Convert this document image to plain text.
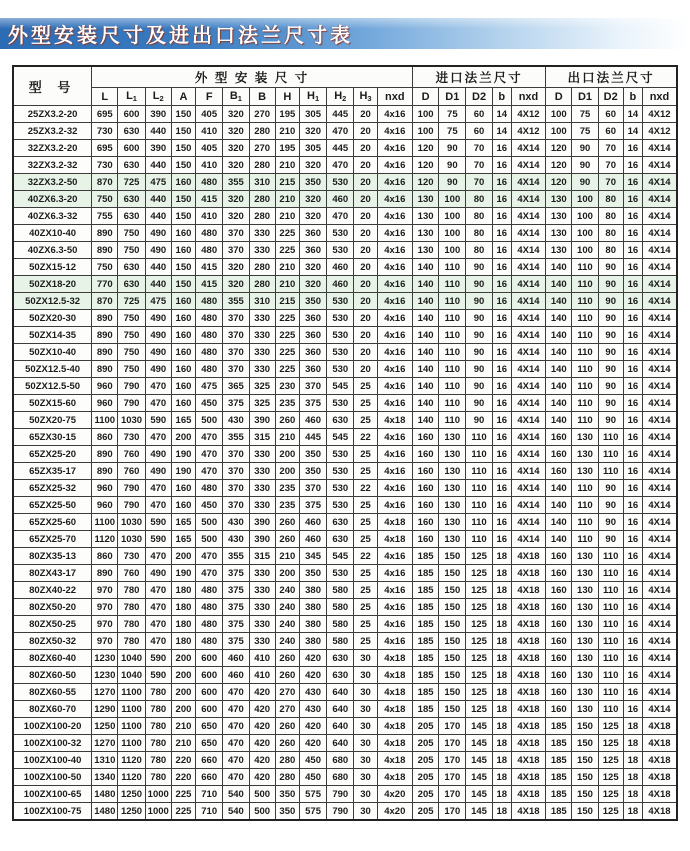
外型安装尺寸及进出口法兰尺寸表
型 号	外 型 安 装 尺 寸												进口法兰尺寸					出口法兰尺寸				
	L	$L_1$	$L_2$	A	F	$B_1$	B	H	$H_1$	$H_2$	$H_3$	nxd	D	D1	D2	b	nxd	D	D1	D2	b	nxd
25ZX3.2-20	695	600	390	150	405	320	270	195	305	445	20	4x16	100	75	60	14	4X12	100	75	60	14	4X12
25ZX3.2-32	730	630	440	150	410	320	280	210	320	470	20	4x16	100	75	60	14	4X12	100	75	60	14	4X12
32ZX3.2-20	695	600	390	150	405	320	270	195	305	445	20	4x16	120	90	70	16	4X14	120	90	70	16	4X14
32ZX3.2-32	730	630	440	150	410	320	280	210	320	470	20	4x16	120	90	70	16	4X14	120	90	70	16	4X14
32ZX3.2-50	870	725	475	160	480	355	310	215	350	530	20	4x16	120	90	70	16	4X14	120	90	70	16	4X14
40ZX6.3-20	750	630	440	150	415	320	280	210	320	460	20	4x16	130	100	80	16	4X14	130	100	80	16	4X14
40ZX6.3-32	755	630	440	150	410	320	280	210	320	470	20	4x16	130	100	80	16	4X14	130	100	80	16	4X14
40ZX10-40	890	750	490	160	480	370	330	225	360	530	20	4x16	130	100	80	16	4X14	130	100	80	16	4X14
40ZX6.3-50	890	750	490	160	480	370	330	225	360	530	20	4x16	130	100	80	16	4X14	130	100	80	16	4X14
50ZX15-12	750	630	440	150	415	320	280	210	320	460	20	4x16	140	110	90	16	4X14	140	110	90	16	4X14
50ZX18-20	770	630	440	150	415	320	280	210	320	460	20	4x16	140	110	90	16	4X14	140	110	90	16	4X14
50ZX12.5-32	870	725	475	160	480	355	310	215	350	530	20	4x16	140	110	90	16	4X14	140	110	90	16	4X14
50ZX20-30	890	750	490	160	480	370	330	225	360	530	20	4x16	140	110	90	16	4X14	140	110	90	16	4X14
50ZX14-35	890	750	490	160	480	370	330	225	360	530	20	4x16	140	110	90	16	4X14	140	110	90	16	4X14
50ZX10-40	890	750	490	160	480	370	330	225	360	530	20	4x16	140	110	90	16	4X14	140	110	90	16	4X14
50ZX12.5-40	890	750	490	160	480	370	330	225	360	530	20	4x16	140	110	90	16	4X14	140	110	90	16	4X14
50ZX12.5-50	960	790	470	160	475	365	325	230	370	545	25	4x16	140	110	90	16	4X14	140	110	90	16	4X14
50ZX15-60	960	790	470	160	450	375	325	235	375	530	25	4x16	140	110	90	16	4X14	140	110	90	16	4X14
50ZX20-75	1100	1030	590	165	500	430	390	260	460	630	25	4x18	140	110	90	16	4X14	140	110	90	16	4X14
65ZX30-15	860	730	470	200	470	355	315	210	445	545	22	4x16	160	130	110	16	4X14	160	130	110	16	4X14
65ZX25-20	890	760	490	190	470	370	330	200	350	530	25	4x16	160	130	110	16	4X14	160	130	110	16	4X14
65ZX35-17	890	760	490	190	470	370	330	200	350	530	25	4x16	160	130	110	16	4X14	160	130	110	16	4X14
65ZX25-32	960	790	470	160	480	370	330	235	370	530	22	4x16	160	130	110	16	4X14	140	110	90	16	4X14
65ZX25-50	960	790	470	160	450	370	330	235	375	530	25	4x16	160	130	110	16	4X14	140	110	90	16	4X14
65ZX25-60	1100	1030	590	165	500	430	390	260	460	630	25	4x18	160	130	110	16	4X14	140	110	90	16	4X14
65ZX25-70	1120	1030	590	165	500	430	390	260	460	630	25	4x18	160	130	110	16	4X14	140	110	90	16	4X14
80ZX35-13	860	730	470	200	470	355	315	210	345	545	22	4x16	185	150	125	18	4X18	160	130	110	16	4X14
80ZX43-17	890	760	490	190	470	375	330	200	350	530	25	4x16	185	150	125	18	4X18	160	130	110	16	4X14
80ZX40-22	970	780	470	180	480	375	330	240	380	580	25	4x16	185	150	125	18	4X18	160	130	110	16	4X14
80ZX50-20	970	780	470	180	480	375	330	240	380	580	25	4x16	185	150	125	18	4X18	160	130	110	16	4X14
80ZX50-25	970	780	470	180	480	375	330	240	380	580	25	4x16	185	150	125	18	4X18	160	130	110	16	4X14
80ZX50-32	970	780	470	180	480	375	330	240	380	580	25	4x16	185	150	125	18	4X18	160	130	110	16	4X14
80ZX60-40	1230	1040	590	200	600	460	410	260	420	630	30	4x18	185	150	125	18	4X18	160	130	110	16	4X14
80ZX60-50	1230	1040	590	200	600	460	410	260	420	630	30	4x18	185	150	125	18	4X18	160	130	110	16	4X14
80ZX60-55	1270	1100	780	200	600	470	420	270	430	640	30	4x18	185	150	125	18	4X18	160	130	110	16	4X14
80ZX60-70	1290	1100	780	200	600	470	420	270	430	640	30	4x18	185	150	125	18	4X18	160	130	110	16	4X14
100ZX100-20	1250	1100	780	210	650	470	420	260	420	640	30	4x18	205	170	145	18	4X18	185	150	125	18	4X18
100ZX100-32	1270	1100	780	210	650	470	420	260	420	640	30	4x18	205	170	145	18	4X18	185	150	125	18	4X18
100ZX100-40	1310	1120	780	220	660	470	420	280	450	680	30	4x18	205	170	145	18	4X18	185	150	125	18	4X18
100ZX100-50	1340	1120	780	220	660	470	420	280	450	680	30	4x18	205	170	145	18	4X18	185	150	125	18	4X18
100ZX100-65	1480	1250	1000	225	710	540	500	350	575	790	30	4x20	205	170	145	18	4X18	185	150	125	18	4X18
100ZX100-75	1480	1250	1000	225	710	540	500	350	575	790	30	4x20	205	170	145	18	4X18	185	150	125	18	4X18
